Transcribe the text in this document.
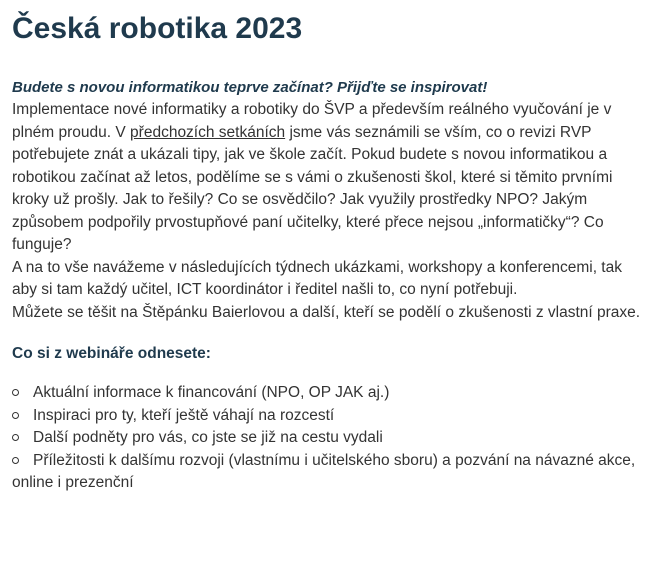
Česká robotika 2023

Budete s novou informatikou teprve začínat? Přijďte se inspirovat!

Implementace nové informatiky a robotiky do ŠVP a především reálného vyučování je v plném proudu. V předchozích setkáních jsme vás seznámili se vším, co o revizi RVP potřebujete znát a ukázali tipy, jak ve škole začít. Pokud budete s novou informatikou a robotikou začínat až letos, podělíme se s vámi o zkušenosti škol, které si těmito prvními kroky už prošly. Jak to řešily? Co se osvědčilo? Jak využily prostředky NPO? Jakým způsobem podpořily prvostupňové paní učitelky, které přece nejsou „informatičky“? Co funguje?

A na to vše navážeme v následujících týdnech ukázkami, workshopy a konferencemi, tak aby si tam každý učitel, ICT koordinátor i ředitel našli to, co nyní potřebuji.

Můžete se těšit na Štěpánku Baierlovou a další, kteří se podělí o zkušenosti z vlastní praxe.

Co si z webináře odnesete:

Aktuální informace k financování (NPO, OP JAK aj.)
Inspiraci pro ty, kteří ještě váhají na rozcestí
Další podněty pro vás, co jste se již na cestu vydali
Příležitosti k dalšímu rozvoji (vlastnímu i učitelského sboru) a pozvání na návazné akce, online i prezenční
